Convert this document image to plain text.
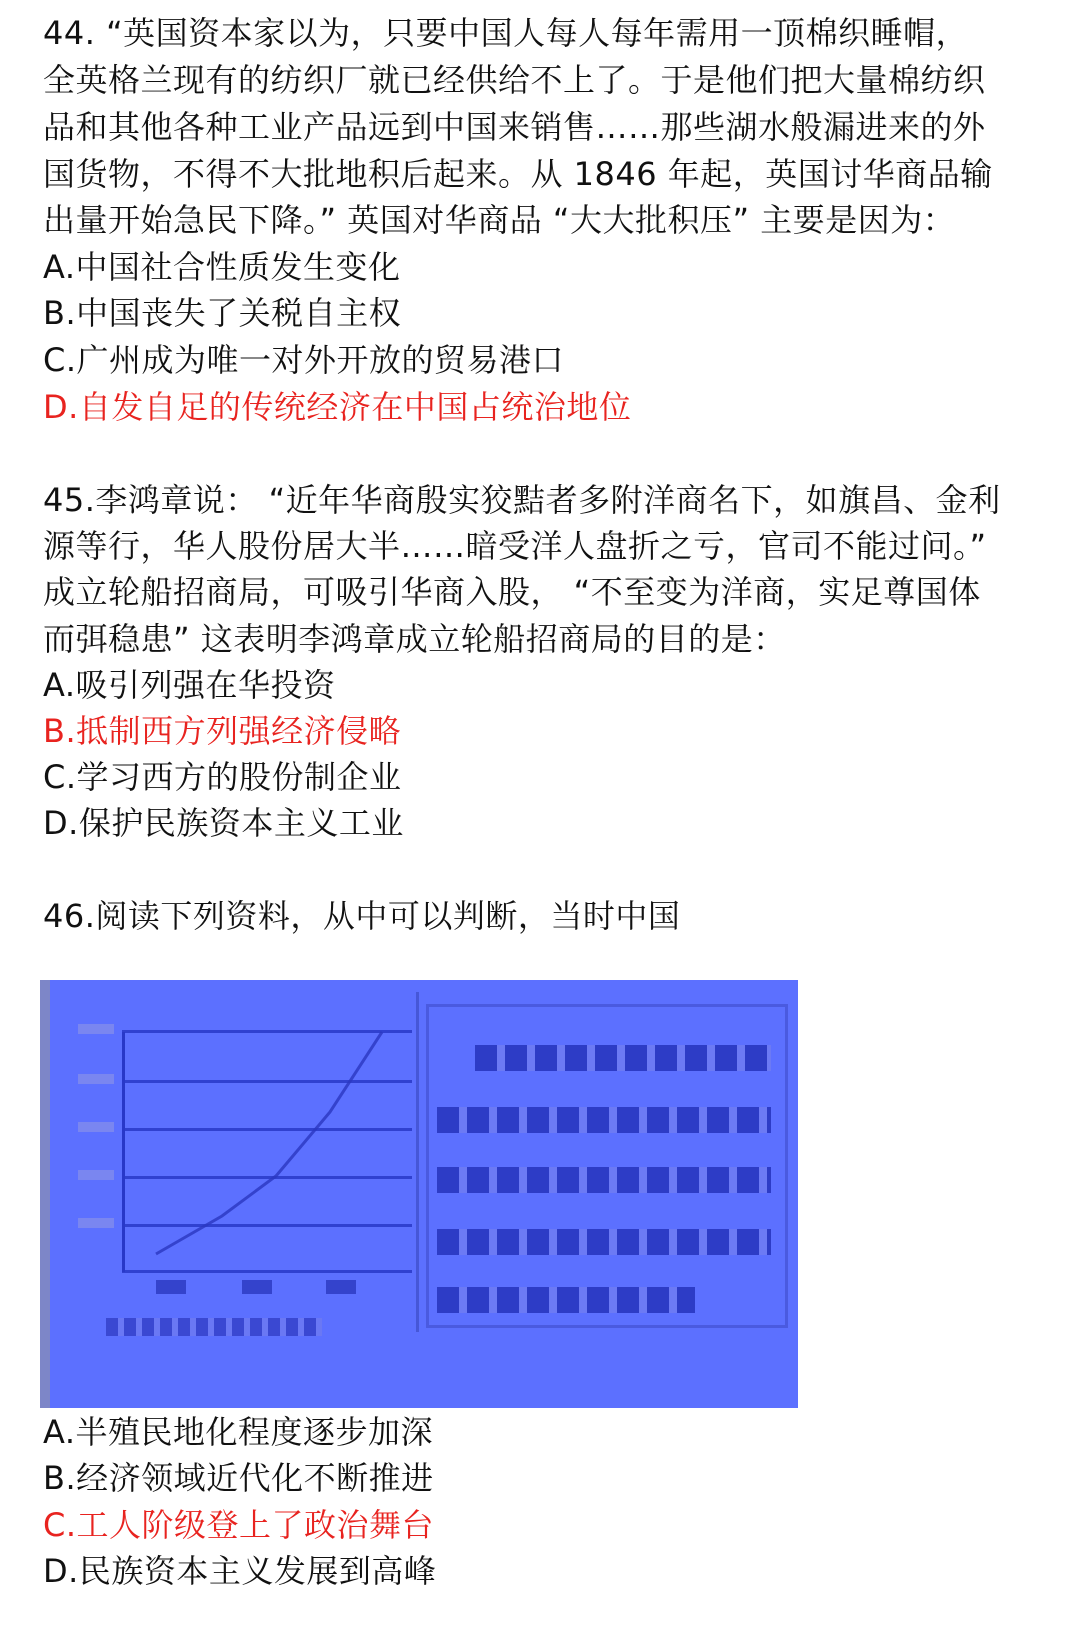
44. “英国资本家以为，只要中国人每人每年需用一顶棉织睡帽，
全英格兰现有的纺织厂就已经供给不上了。于是他们把大量棉纺织
品和其他各种工业产品远到中国来销售……那些湖水般漏进来的外
国货物，不得不大批地积后起来。从 1846 年起，英国讨华商品输
出量开始急民下降。” 英国对华商品 “大大批积压” 主要是因为：
A.中国社合性质发生变化
B.中国丧失了关税自主权
C.广州成为唯一对外开放的贸易港口
D.自发自足的传统经济在中国占统治地位
45.李鸿章说： “近年华商殷实狡黠者多附洋商名下，如旗昌、金利
源等行，华人股份居大半……暗受洋人盘折之亏，官司不能过问。”
成立轮船招商局，可吸引华商入股， “不至变为洋商，实足尊国体
而弭稳患” 这表明李鸿章成立轮船招商局的目的是：
A.吸引列强在华投资
B.抵制西方列强经济侵略
C.学习西方的股份制企业
D.保护民族资本主义工业
46.阅读下列资料，从中可以判断，当时中国
A.半殖民地化程度逐步加深
B.经济领域近代化不断推进
C.工人阶级登上了政治舞台
D.民族资本主义发展到高峰
